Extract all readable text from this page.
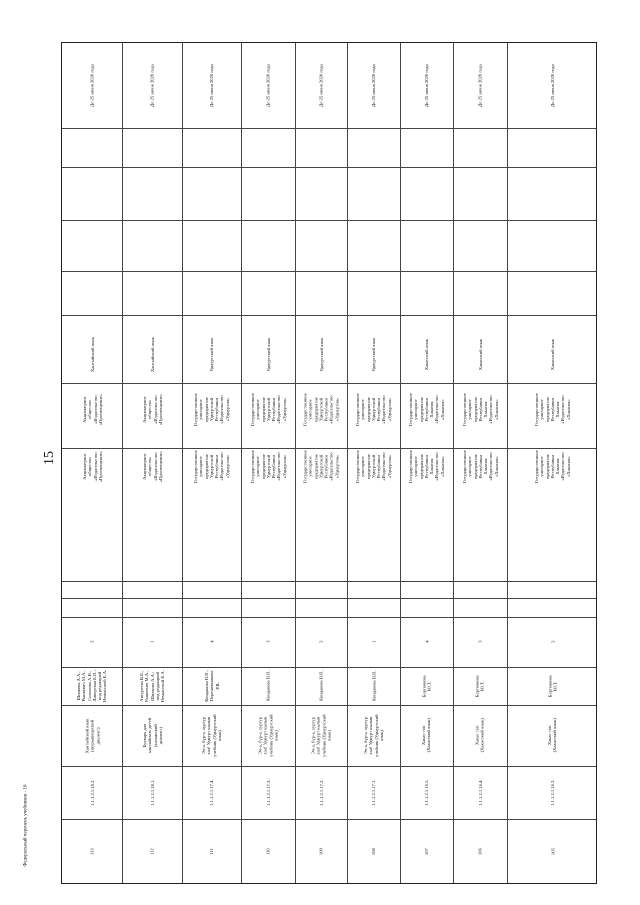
15
Федеральный перечень учебников - 16
До 25 июня 2020 года
Хакасский язык
Государственное
унитарное
предприятие
Республики
Хакасия
«Издательство
«Хакасия»
Государственное
унитарное
предприятие
Республики
Хакасия
«Издательство
«Хакасия»
2
Боргоякова
Ю.Т.
Хакас тілі
(Хакасский язык)
1.1.1.2.1.16.3.
105
До 25 июня 2020 года
Хакасский язык
Государственное
унитарное
предприятие
Республики
Хакасия
«Издательство
«Хакасия»
Государственное
унитарное
предприятие
Республики
Хакасия
«Издательство
«Хакасия»
3
Боргоякова
Ю.Т.
Хакас тілі
(Хакасский язык)
1.1.1.2.1.16.4.
106
До 25 июня 2020 года
Хакасский язык
Государственное
унитарное
предприятие
Республики
Хакасия
«Издательство
«Хакасия»
Государственное
унитарное
предприятие
Республики
Хакасия
«Издательство
«Хакасия»
4
Боргоякова
Ю.Т.
Хакас тілі
(Хакасский язык)
1.1.1.2.1.16.5.
107
До 25 июня 2020 года
Удмуртский язык
Государственное
унитарное
предприятие
Удмуртской
Республики
«Издательство
«Удмуртия»
Государственное
унитарное
предприятие
Удмуртской
Республики
«Издательство
«Удмуртия»
1
Кондакова Н.П.
Эч-а, бүр-а, хургур
хал! Удмурт кылын
учебник (Удмуртский
язык)
1.1.1.2.1.17.1.
108
До 25 июня 2020 года
Удмуртский язык
Государственное
унитарное
предприятие
Удмуртской
Республики
«Издательство
«Удмуртия»
Государственное
унитарное
предприятие
Удмуртской
Республики
«Издательство
«Удмуртия»
2
Кондакова Н.П.
Эч-а, бүр-а, хургур
хал! Удмурт кылын
учебник (Удмуртский
язык)
1.1.1.2.1.17.2.
109
До 25 июня 2020 года
Удмуртский язык
Государственное
унитарное
предприятие
Удмуртской
Республики
«Издательство
«Удмуртия»
Государственное
унитарное
предприятие
Удмуртской
Республики
«Издательство
«Удмуртия»
3
Кондакова Н.П.
Эч-а, бүр-а, хургур
хал! Удмурт кылын
учебник (Удмуртский
язык)
1.1.1.2.1.17.3.
110
До 25 июня 2020 года
Удмуртский язык
Государственное
унитарное
предприятие
Удмуртской
Республики
«Издательство
«Удмуртия»
Государственное
унитарное
предприятие
Удмуртской
Республики
«Издательство
«Удмуртия»
4
Кондакова Н.П.,
Перешевникова
Р.В.
Эч-а, бүр-а, хургур
хал! Удмурт кылын
учебник (Удмуртский
язык)
1.1.1.2.1.17.4.
111
До 25 июня 2020 года
Хантыйский язык
Акционерное
общество
«Издательство
«Просвещение»
Акционерное
общество
«Издательство
«Просвещение»
1
Ангуреева В.Е.,
Рынкевич М.А.,
Шилкова А.А.;
под редакцией
Немысовой Е.А.
Букварь для
хантыйских детей
(казымский
диалект)
1.1.1.2.1.18.1.
112
До 25 июня 2020 года
Хантыйский язык
Акционерное
общество
«Издательство
«Просвещение»
Акционерное
общество
«Издательство
«Просвещение»
2
Шилкова А.А.,
Рынкевич М.А.,
Солопова А.Н.,
Ливорская Е.П.;
под редакцией
Немысовой Е.А.
Хантыйский язык
(шурышкарский
диалект)
1.1.1.2.1.18.2.
113
